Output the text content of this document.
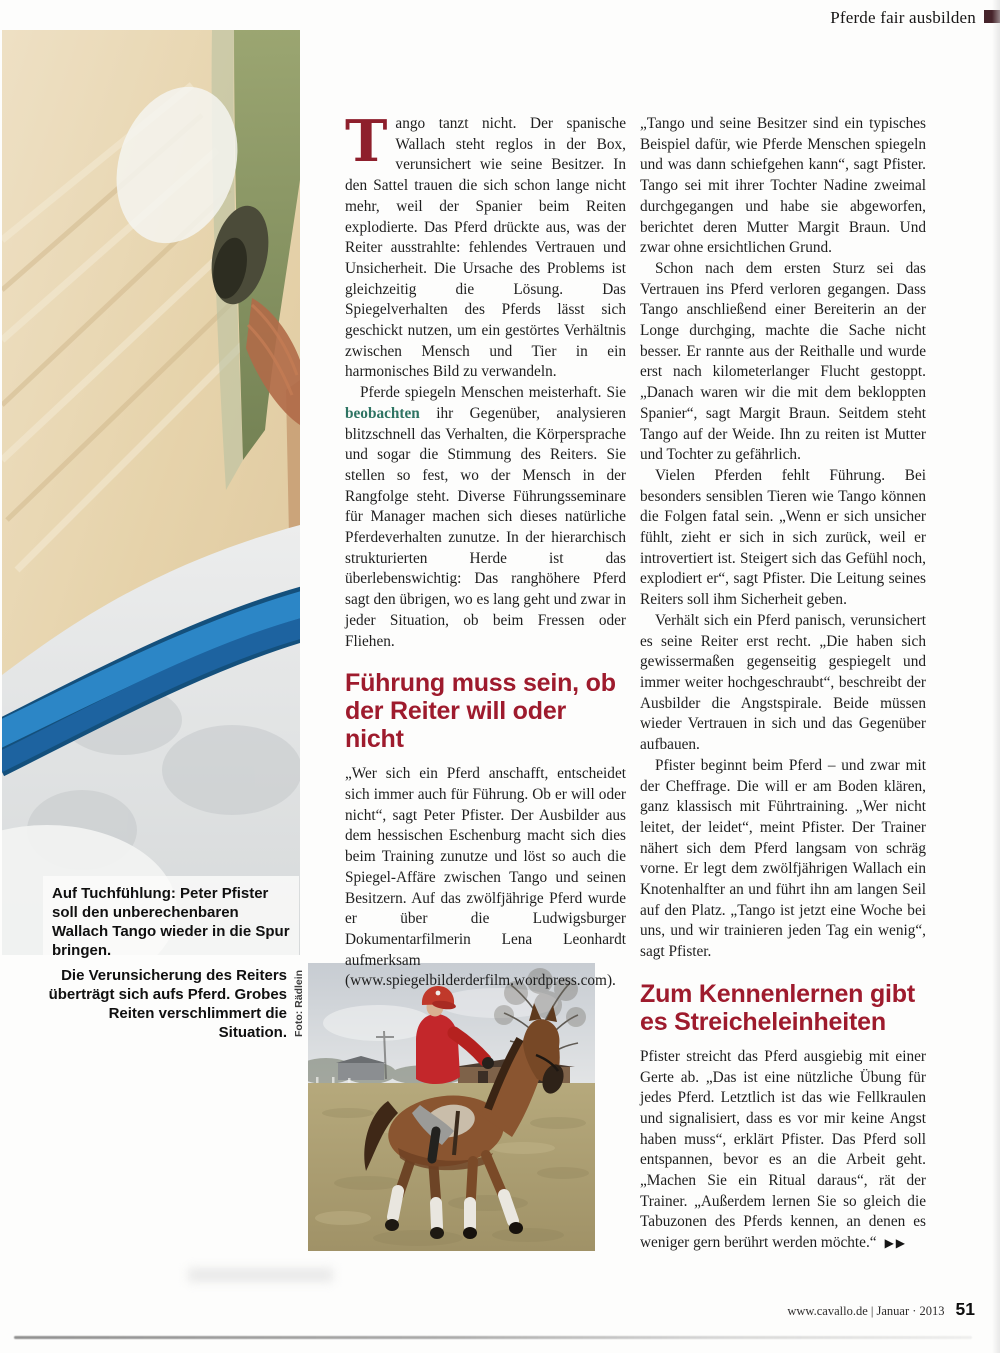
Pferde fair ausbilden
Auf Tuchfühlung: Peter Pfister soll den unberechenbaren Wallach Tango wieder in die Spur bringen.
Die Verunsicherung des Reiters überträgt sich aufs Pferd. Grobes Reiten verschlimmert die Situation. Foto: Rädlein

Tango tanzt nicht. Der spanische Wallach steht reglos in der Box, verunsichert wie seine Besitzer. In den Sattel trauen die sich schon lange nicht mehr, weil der Spanier beim Reiten explodierte. Das Pferd drückte aus, was der Reiter ausstrahlte: fehlendes Vertrauen und Unsicherheit. Die Ursache des Problems ist gleichzeitig die Lösung. Das Spiegelverhalten des Pferds lässt sich geschickt nutzen, um ein gestörtes Verhältnis zwischen Mensch und Tier in ein harmonisches Bild zu verwandeln.

Pferde spiegeln Menschen meisterhaft. Sie beobachten ihr Gegenüber, analysieren blitzschnell das Verhalten, die Körpersprache und sogar die Stimmung des Reiters. Sie stellen so fest, wo der Mensch in der Rangfolge steht. Diverse Führungsseminare für Manager machen sich dieses natürliche Pferdeverhalten zunutze. In der hierarchisch strukturierten Herde ist das überlebenswichtig: Das ranghöhere Pferd sagt den übrigen, wo es lang geht und zwar in jeder Situation, ob beim Fressen oder Fliehen.

Führung muss sein, ob der Reiter will oder nicht

„Wer sich ein Pferd anschafft, entscheidet sich immer auch für Führung. Ob er will oder nicht“, sagt Peter Pfister. Der Ausbilder aus dem hessischen Eschenburg macht sich dies beim Training zunutze und löst so auch die Spiegel-Affäre zwischen Tango und seinen Besitzern. Auf das zwölfjährige Pferd wurde er über die Ludwigsburger Dokumentarfilmerin Lena Leonhardt aufmerksam (www.spiegelbilderderfilm.wordpress.com).

„Tango und seine Besitzer sind ein typisches Beispiel dafür, wie Pferde Menschen spiegeln und was dann schiefgehen kann“, sagt Pfister. Tango sei mit ihrer Tochter Nadine zweimal durchgegangen und habe sie abgeworfen, berichtet deren Mutter Margit Braun. Und zwar ohne ersichtlichen Grund.

Schon nach dem ersten Sturz sei das Vertrauen ins Pferd verloren gegangen. Dass Tango anschließend einer Bereiterin an der Longe durchging, machte die Sache nicht besser. Er rannte aus der Reithalle und wurde erst nach kilometerlanger Flucht gestoppt. „Danach waren wir die mit dem bekloppten Spanier“, sagt Margit Braun. Seitdem steht Tango auf der Weide. Ihn zu reiten ist Mutter und Tochter zu gefährlich.

Vielen Pferden fehlt Führung. Bei besonders sensiblen Tieren wie Tango können die Folgen fatal sein. „Wenn er sich unsicher fühlt, zieht er sich in sich zurück, weil er introvertiert ist. Steigert sich das Gefühl noch, explodiert er“, sagt Pfister. Die Leitung seines Reiters soll ihm Sicherheit geben.

Verhält sich ein Pferd panisch, verunsichert es seine Reiter erst recht. „Die haben sich gewissermaßen gegenseitig gespiegelt und immer weiter hochgeschraubt“, beschreibt der Ausbilder die Angstspirale. Beide müssen wieder Vertrauen in sich und das Gegenüber aufbauen.

Pfister beginnt beim Pferd – und zwar mit der Cheffrage. Die will er am Boden klären, ganz klassisch mit Führtraining. „Wer nicht leitet, der leidet“, meint Pfister. Der Trainer nähert sich dem Pferd langsam von schräg vorne. Er legt dem zwölfjährigen Wallach ein Knotenhalfter an und führt ihn am langen Seil auf den Platz. „Tango ist jetzt eine Woche bei uns, und wir trainieren jeden Tag ein wenig“, sagt Pfister.

Zum Kennenlernen gibt es Streicheleinheiten

Pfister streicht das Pferd ausgiebig mit einer Gerte ab. „Das ist eine nützliche Übung für jedes Pferd. Letztlich ist das wie Fellkraulen und signalisiert, dass es vor mir keine Angst haben muss“, erklärt Pfister. Das Pferd soll entspannen, bevor es an die Arbeit geht. „Machen Sie ein Ritual daraus“, rät der Trainer. „Außerdem lernen Sie so gleich die Tabuzonen des Pferds kennen, an denen es weniger gern berührt werden möchte.“ ▶▶

www.cavallo.de | Januar · 2013 51
